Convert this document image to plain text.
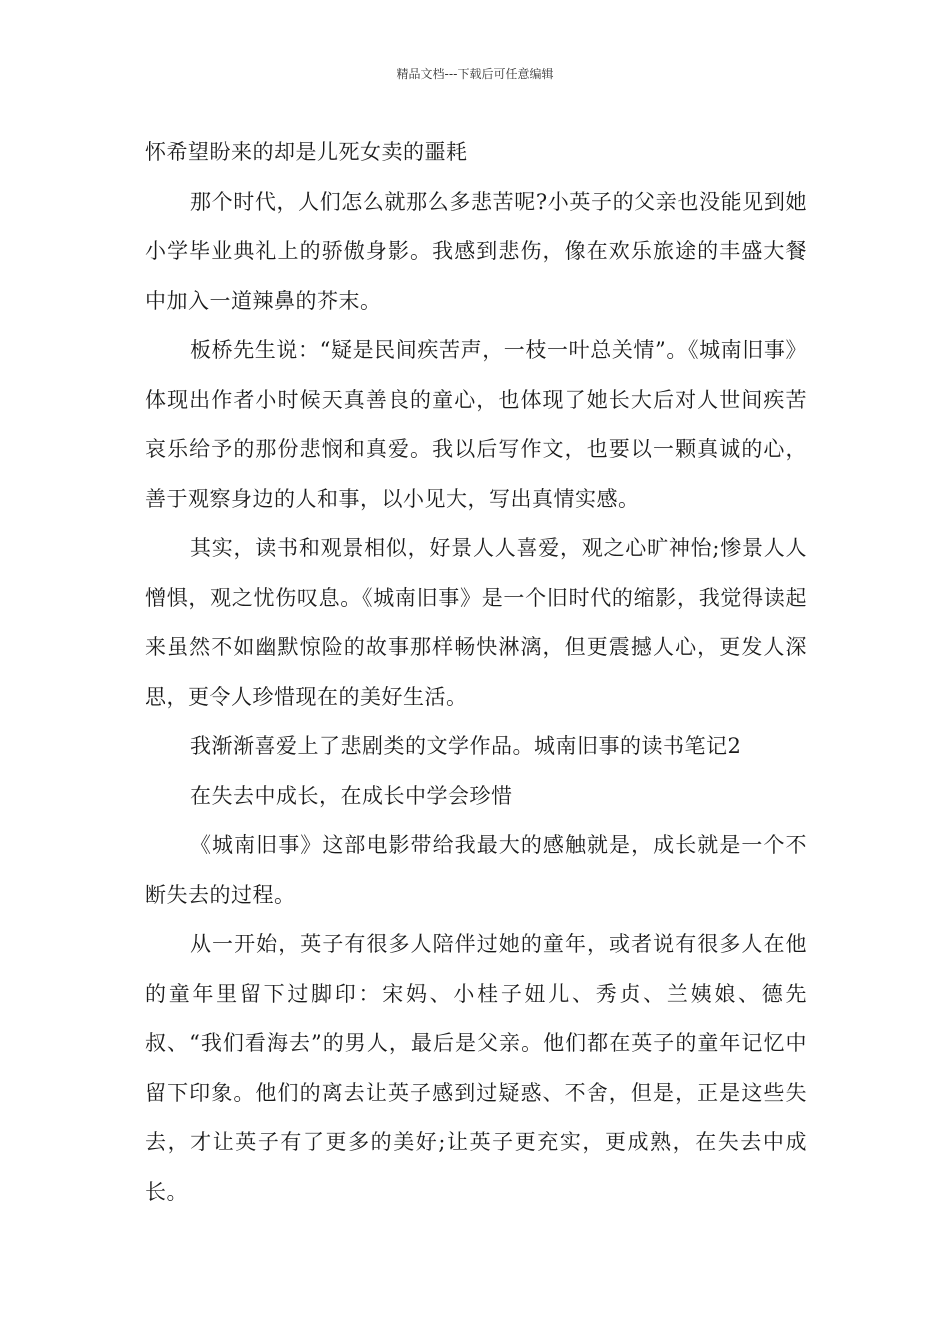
精品文档---下载后可任意编辑

怀希望盼来的却是儿死女卖的噩耗

那个时代，人们怎么就那么多悲苦呢?小英子的父亲也没能见到她小学毕业典礼上的骄傲身影。我感到悲伤，像在欢乐旅途的丰盛大餐中加入一道辣鼻的芥末。

板桥先生说：“疑是民间疾苦声，一枝一叶总关情”。《城南旧事》体现出作者小时候天真善良的童心，也体现了她长大后对人世间疾苦哀乐给予的那份悲悯和真爱。我以后写作文，也要以一颗真诚的心，善于观察身边的人和事，以小见大，写出真情实感。

其实，读书和观景相似，好景人人喜爱，观之心旷神怡;惨景人人憎惧，观之忧伤叹息。《城南旧事》是一个旧时代的缩影，我觉得读起来虽然不如幽默惊险的故事那样畅快淋漓，但更震撼人心，更发人深思，更令人珍惜现在的美好生活。

我渐渐喜爱上了悲剧类的文学作品。城南旧事的读书笔记2

在失去中成长，在成长中学会珍惜

《城南旧事》这部电影带给我最大的感触就是，成长就是一个不断失去的过程。

从一开始，英子有很多人陪伴过她的童年，或者说有很多人在他的童年里留下过脚印：宋妈、小桂子妞儿、秀贞、兰姨娘、德先叔、“我们看海去”的男人，最后是父亲。他们都在英子的童年记忆中留下印象。他们的离去让英子感到过疑惑、不舍，但是，正是这些失去，才让英子有了更多的美好;让英子更充实，更成熟，在失去中成长。
